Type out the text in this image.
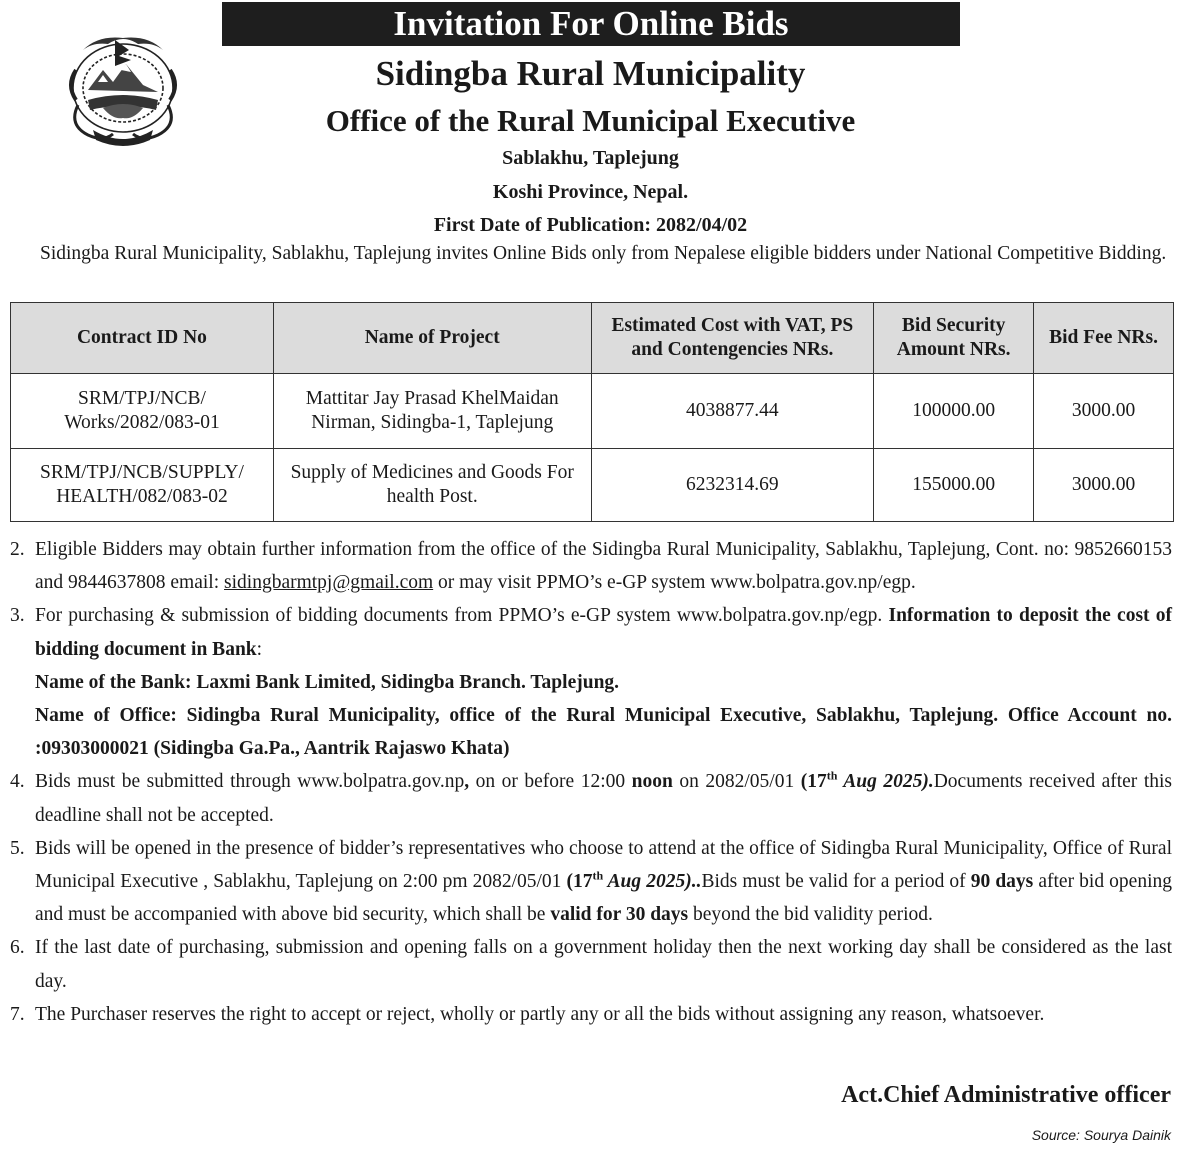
Invitation For Online Bids
Sidingba Rural Municipality
Office of the Rural Municipal Executive
Sablakhu, Taplejung
Koshi Province, Nepal.
First Date of Publication: 2082/04/02
Sidingba Rural Municipality, Sablakhu, Taplejung invites Online Bids only from Nepalese eligible bidders under National Competitive Bidding.
Contract ID No	Name of Project	Estimated Cost with VAT, PS and Contengencies NRs.	Bid Security Amount NRs.	Bid Fee NRs.
SRM/TPJ/NCB/ Works/2082/083-01	Mattitar Jay Prasad KhelMaidan Nirman, Sidingba-1, Taplejung	4038877.44	100000.00	3000.00
SRM/TPJ/NCB/SUPPLY/ HEALTH/082/083-02	Supply of Medicines and Goods For health Post.	6232314.69	155000.00	3000.00
2. Eligible Bidders may obtain further information from the office of the Sidingba Rural Municipality, Sablakhu, Taplejung, Cont. no: 9852660153 and 9844637808 email: sidingbarmtpj@gmail.com or may visit PPMO’s e-GP system www.bolpatra.gov.np/egp.
3. For purchasing & submission of bidding documents from PPMO’s e-GP system www.bolpatra.gov.np/egp. Information to deposit the cost of bidding document in Bank:
Name of the Bank: Laxmi Bank Limited, Sidingba Branch. Taplejung.
Name of Office: Sidingba Rural Municipality, office of the Rural Municipal Executive, Sablakhu, Taplejung. Office Account no. :09303000021 (Sidingba Ga.Pa., Aantrik Rajaswo Khata)
4. Bids must be submitted through www.bolpatra.gov.np, on or before 12:00 noon on 2082/05/01 (17th Aug 2025).Documents received after this deadline shall not be accepted.
5. Bids will be opened in the presence of bidder’s representatives who choose to attend at the office of Sidingba Rural Municipality, Office of Rural Municipal Executive , Sablakhu, Taplejung on 2:00 pm 2082/05/01 (17th Aug 2025)..Bids must be valid for a period of 90 days after bid opening and must be accompanied with above bid security, which shall be valid for 30 days beyond the bid validity period.
6. If the last date of purchasing, submission and opening falls on a government holiday then the next working day shall be considered as the last day.
7. The Purchaser reserves the right to accept or reject, wholly or partly any or all the bids without assigning any reason, whatsoever.
Act.Chief Administrative officer
Source: Sourya Dainik
